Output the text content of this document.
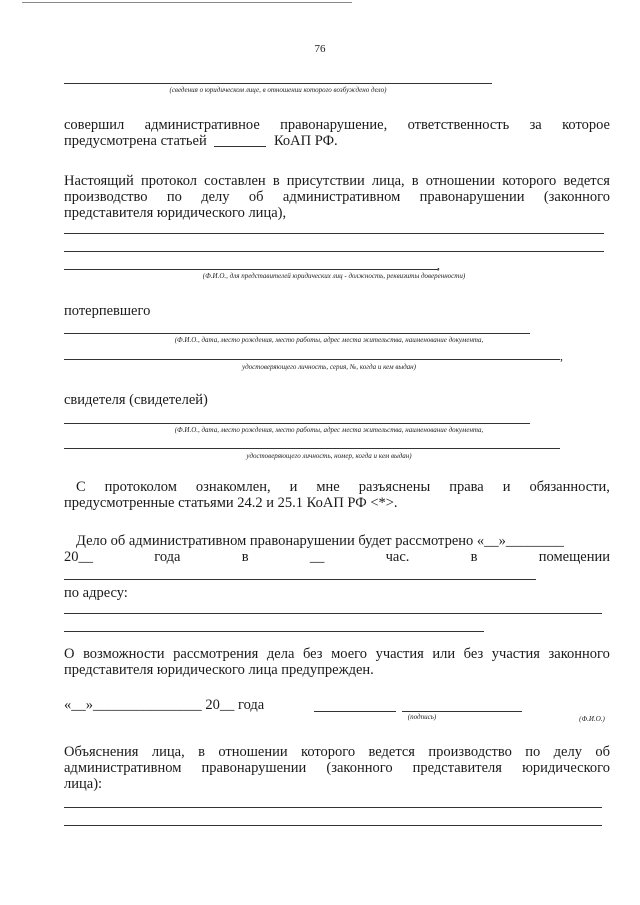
76
(сведения о юридическом лице, в отношении которого возбуждено дело)
совершил административное правонарушение, ответственность за которое
предусмотрена статьей	КоАП РФ.
Настоящий протокол составлен в присутствии лица, в отношении которого ведется
производство по делу об административном правонарушении (законного
представителя юридического лица),
,
(Ф.И.О., для представителей юридических лиц - должность, реквизиты доверенности)
потерпевшего
(Ф.И.О., дата, место рождения, место работы, адрес места жительства, наименование документа,
,
удостоверяющего личность, серия, №, когда и кем выдан)
свидетеля (свидетелей)
(Ф.И.О., дата, место рождения, место работы, адрес места жительства, наименование документа,
удостоверяющего личность, номер, когда и кем выдан)
С протоколом ознакомлен, и мне разъяснены права и обязанности,
предусмотренные статьями 24.2 и 25.1 КоАП РФ <*>.
Дело об административном правонарушении будет рассмотрено «__»________
20__	года	в	__	час.	в	помещении
по адресу:
О возможности рассмотрения дела без моего участия или без участия законного
представителя юридического лица предупрежден.
«__»_______________ 20__ года
(подпись)	(Ф.И.О.)
Объяснения лица, в отношении которого ведется производство по делу об
административном правонарушении (законного представителя юридического
лица):
